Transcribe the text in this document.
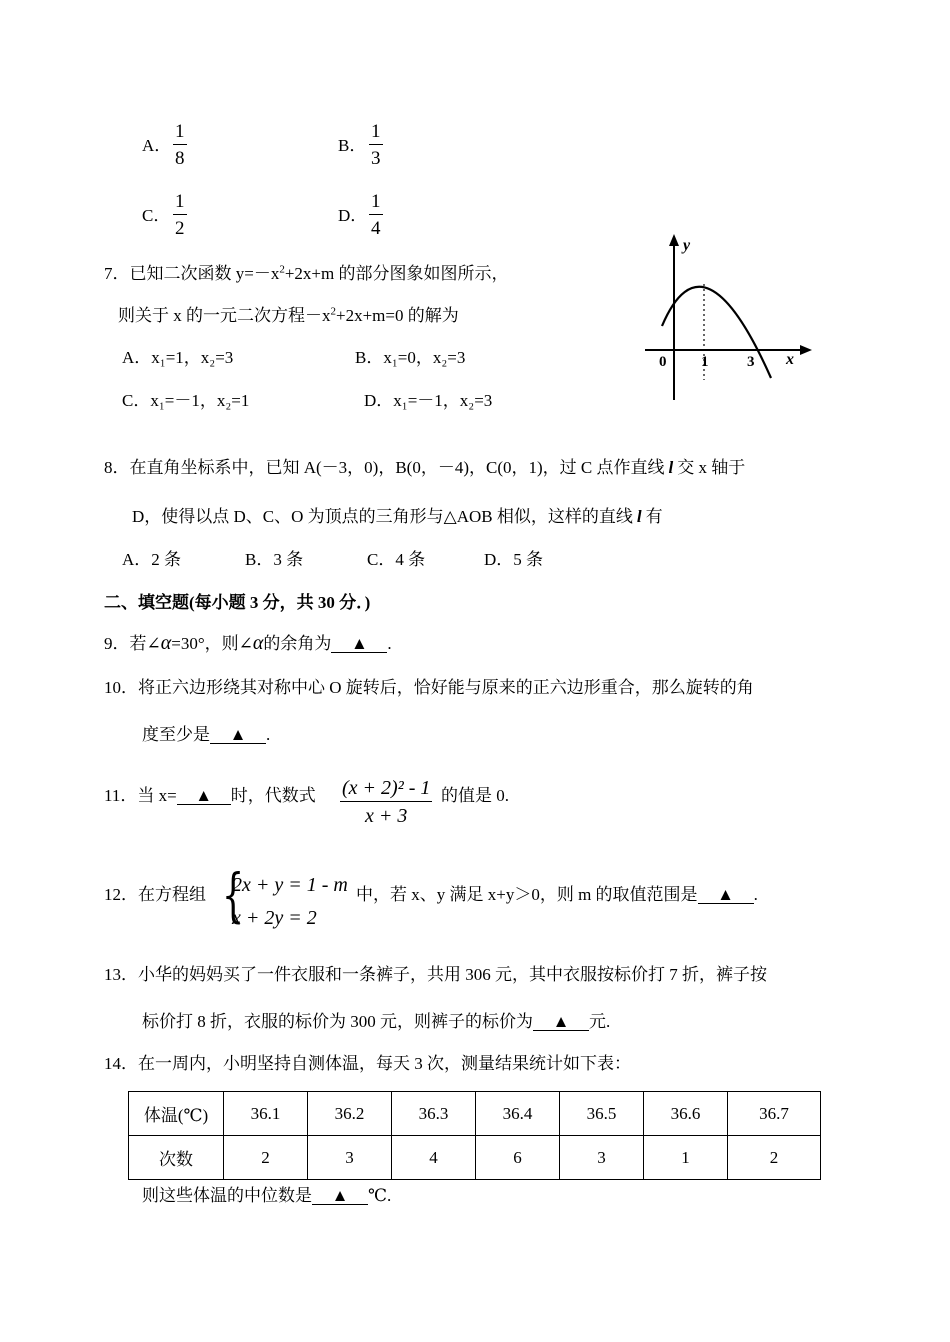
A．
1
8
B．
1
3
C．
1
2
D．
1
4
7．已知二次函数 $y=-x^2+2x+m$ 的部分图象如图所示，
则关于 x 的一元二次方程$-x^2+2x+m=0$ 的解为
A．x₁=1，x₂=3	B．x₁=0，x₂=3
C．x₁=－1，x₂=1	D．x₁=－1，x₂=3
y
x
0 1	3
8．在直角坐标系中，已知 A(－3，0)，B(0，－4)，C(0，1)，过 C 点作直线 l 交 x 轴于
D，使得以点 D、C、O 为顶点的三角形与△AOB 相似，这样的直线 l 有
A．2 条	B．3 条	C．4 条	D．5 条
二、填空题(每小题 3 分，共 30 分．)
9．若∠α=30°，则∠α的余角为 ▲ .
10．将正六边形绕其对称中心 O 旋转后，恰好能与原来的正六边形重合，那么旋转的角
度至少是 ▲ .
11．当 x= ▲ 时，代数式 (x + 2)² - 1
x + 3
的值是 0.
12．在方程组 {
2x + y = 1 - m
x + 2y = 2
中，若 x、y 满足 x+y＞0，则 m 的取值范围是 ▲ .
13．小华的妈妈买了一件衣服和一条裤子，共用 306 元，其中衣服按标价打 7 折，裤子按
标价打 8 折，衣服的标价为 300 元，则裤子的标价为 ▲ 元.
14．在一周内，小明坚持自测体温，每天 3 次，测量结果统计如下表：
体温(℃)	36.1	36.2	36.3	36.4	36.5	36.6	36.7
次数	2	3	4	6	3	1	2
则这些体温的中位数是 ▲ ℃.
